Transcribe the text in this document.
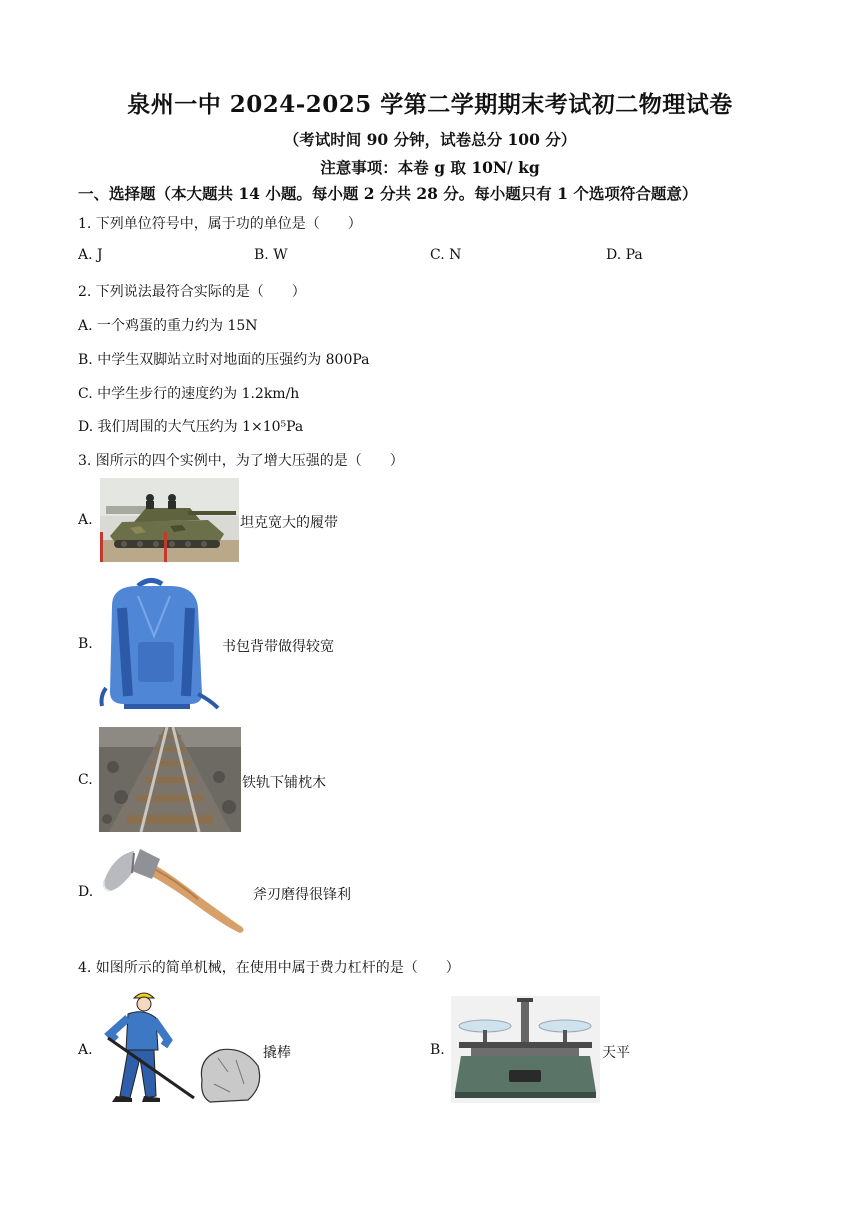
泉州一中 2024-2025 学第二学期期末考试初二物理试卷
（考试时间 90 分钟，试卷总分 100 分）
注意事项：本卷 g 取 10N/ kg
一、选择题（本大题共 14 小题。每小题 2 分共 28 分。每小题只有 1 个选项符合题意）
1. 下列单位符号中，属于功的单位是（　　）
A. J	B. W	C. N	D. Pa
2. 下列说法最符合实际的是（　　）
A. 一个鸡蛋的重力约为 15N
B. 中学生双脚站立时对地面的压强约为 800Pa
C. 中学生步行的速度约为 1.2km/h
D. 我们周围的大气压约为 1×10⁵Pa
3. 图所示的四个实例中，为了增大压强的是（　　）
A.	坦克宽大的履带
B.	书包背带做得较宽
C.	铁轨下铺枕木
D.	斧刃磨得很锋利
4. 如图所示的简单机械，在使用中属于费力杠杆的是（　　）
A.	撬棒	B.	天平
